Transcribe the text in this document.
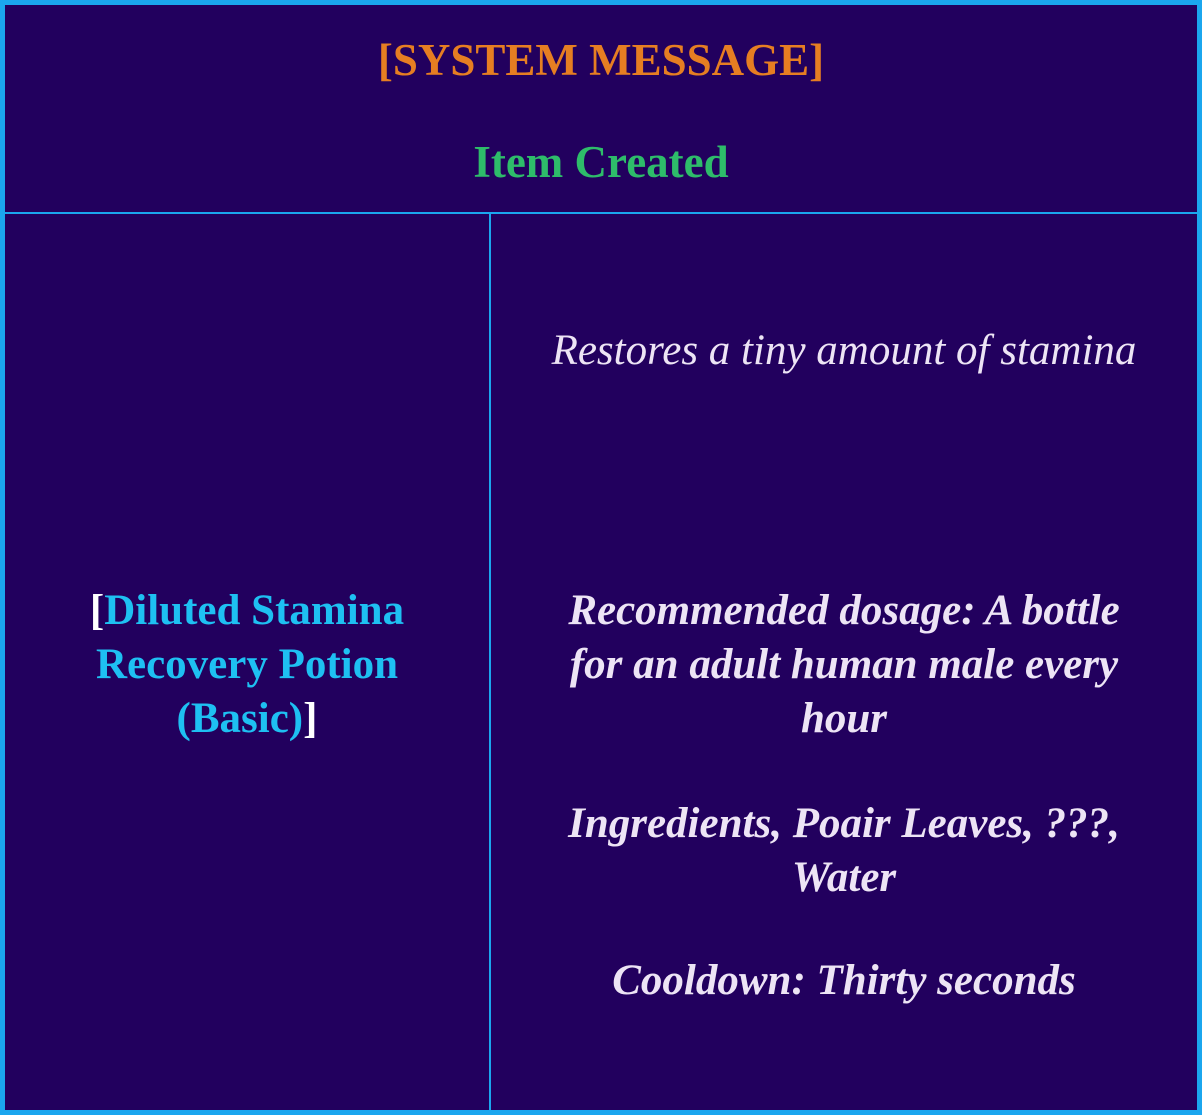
[SYSTEM MESSAGE]
Item Created
[Diluted Stamina Recovery Potion (Basic)]
Restores a tiny amount of stamina
Recommended dosage: A bottle for an adult human male every hour
Ingredients, Poair Leaves, ???, Water
Cooldown: Thirty seconds
